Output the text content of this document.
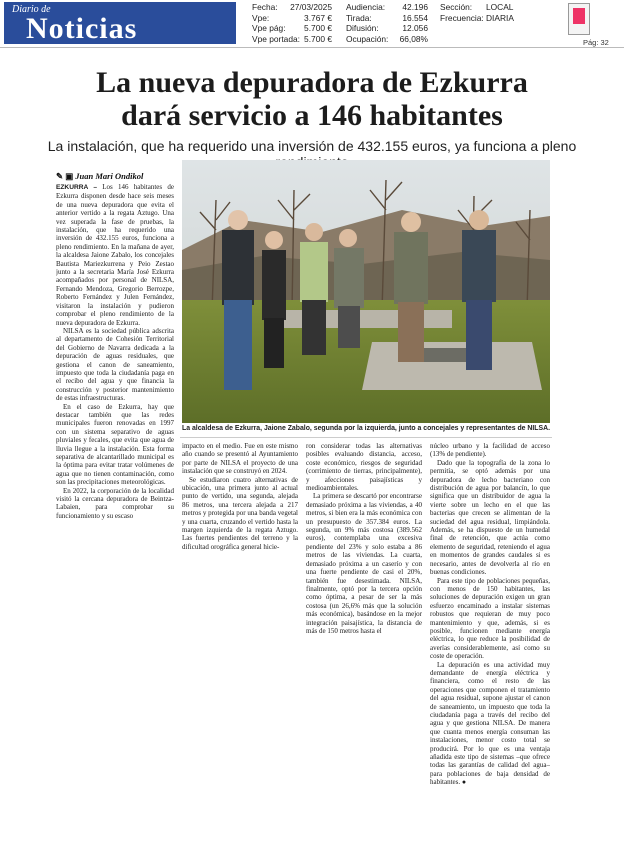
Diario de
Noticias
Fecha:
Vpe:
Vpe pág:
Vpe portada:
27/03/2025
3.767 €
5.700 €
5.700 €
Audiencia:
Tirada:
Difusión:
Ocupación:
42.196
16.554
12.056
66,08%
Sección:
Frecuencia:
LOCAL
DIARIA
Pág: 32
La nueva depuradora de Ezkurra
dará servicio a 146 habitantes
La instalación, que ha requerido una inversión de 432.155 euros, ya funciona a pleno
✎ ▣ Juan Mari Ondikol
La alcaldesa de Ezkurra, Jaione Zabalo, segunda por la izquierda, junto a concejales y representantes de NILSA.

EZKURRA – Los 146 habitantes de Ezkurra disponen desde hace seis meses de una nueva depuradora que evita el anterior vertido a la regata Aztugo. Una vez superada la fase de pruebas, la instalación, que ha requerido una inversión de 432.155 euros, funciona a pleno rendimiento. En la mañana de ayer, la alcaldesa Jaione Zabalo, los concejales Bautista Mariezkurrena y Peio Zestao junto a la secretaria María José Ezkurra acompañados por personal de NILSA, Fernando Mendoza, Gregorio Berrozpe, Roberto Fernández y Julen Fernández, visitaron la instalación y pudieron comprobar el pleno rendimiento de la nueva depuradora de Ezkurra.

NILSA es la sociedad pública adscrita al departamento de Cohesión Territorial del Gobierno de Navarra dedicada a la depuración de aguas residuales, que gestiona el canon de saneamiento, impuesto que toda la ciudadanía paga en el recibo del agua y que financia la construcción y posterior mantenimiento de estas infraestructuras.

En el caso de Ezkurra, hay que destacar también que las redes municipales fueron renovadas en 1997 con un sistema separativo de aguas pluviales y fecales, que evita que agua de lluvia llegue a la instalación. Esta forma separativa de alcantarillado municipal es la óptima para evitar tratar volúmenes de agua que no tienen contaminación, como son las precipitaciones meteorológicas.

En 2022, la corporación de la localidad visitó la cercana depuradora de Beintza-Labaien, para comprobar su funcionamiento y su escaso

impacto en el medio. Fue en este mismo año cuando se presentó al Ayuntamiento por parte de NILSA el proyecto de una instalación que se construyó en 2024.

Se estudiaron cuatro alternativas de ubicación, una primera junto al actual punto de vertido, una segunda, alejada 86 metros, una tercera alejada a 217 metros y protegida por una banda vegetal y una cuarta, cruzando el vertido hasta la margen izquierda de la regata Aztugo. Las fuertes pendientes del terreno y la dificultad orográfica general hicie-

ron considerar todas las alternativas posibles evaluando distancia, acceso, coste económico, riesgos de seguridad (corrimiento de tierras, principalmente), y afecciones paisajísticas y medioambientales.

La primera se descartó por encontrarse demasiado próxima a las viviendas, a 40 metros, si bien era la más económica con un presupuesto de 357.384 euros. La segunda, un 9% más costosa (389.562 euros), contemplaba una excesiva pendiente del 23% y solo estaba a 86 metros de las viviendas. La cuarta, demasiado próxima a un caserío y con una fuerte pendiente de casi el 20%, también fue desestimada. NILSA, finalmente, optó por la tercera opción como óptima, a pesar de ser la más costosa (un 26,6% más que la solución más económica), basándose en la mejor integración paisajística, la distancia de más de 150 metros hasta el

núcleo urbano y la facilidad de acceso (13% de pendiente).

Dado que la topografía de la zona lo permitía, se optó además por una depuradora de lecho bacteriano con distribución de agua por balancín, lo que significa que un distribuidor de agua la vierte sobre un lecho en el que las bacterias que crecen se alimentan de la suciedad del agua residual, limpiándola. Además, se ha dispuesto de un humedal final de retención, que actúa como elemento de seguridad, reteniendo el agua en momentos de grandes caudales si es necesario, antes de devolverla al río en buenas condiciones.

Para este tipo de poblaciones pequeñas, con menos de 150 habitantes, las soluciones de depuración exigen un gran esfuerzo encaminado a instalar sistemas robustos que requieran de muy poco mantenimiento y que, además, si es posible, funcionen mediante energía eléctrica, lo que reduce la posibilidad de averías considerablemente, así como su coste de operación.

La depuración es una actividad muy demandante de energía eléctrica y financiera, como el resto de las operaciones que componen el tratamiento del agua residual, supone ajustar el canon de saneamiento, un impuesto que toda la ciudadanía paga a través del recibo del agua y que gestiona NILSA. De manera que cuanta menos energía consuman las instalaciones, menor costo total se producirá. Por lo que es una ventaja añadida este tipo de sistemas –que ofrece todas las garantías de calidad del agua– para poblaciones de baja densidad de habitantes. ●
